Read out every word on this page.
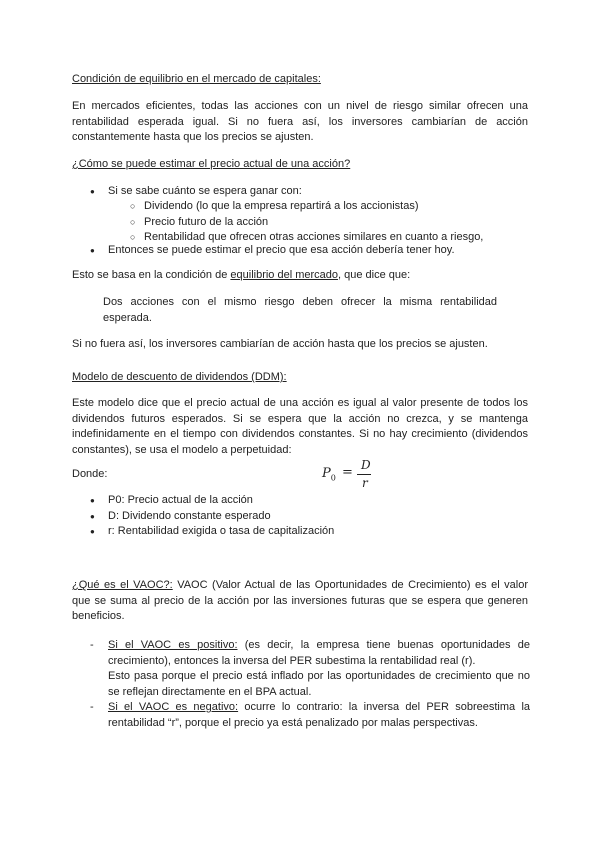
Condición de equilibrio en el mercado de capitales:

En mercados eficientes, todas las acciones con un nivel de riesgo similar ofrecen una rentabilidad esperada igual. Si no fuera así, los inversores cambiarían de acción constantemente hasta que los precios se ajusten.

¿Cómo se puede estimar el precio actual de una acción?

● Si se sabe cuánto se espera ganar con:
○ Dividendo (lo que la empresa repartirá a los accionistas)
○ Precio futuro de la acción
○ Rentabilidad que ofrecen otras acciones similares en cuanto a riesgo,
● Entonces se puede estimar el precio que esa acción debería tener hoy.

Esto se basa en la condición de equilibrio del mercado, que dice que:

Dos acciones con el mismo riesgo deben ofrecer la misma rentabilidad esperada.

Si no fuera así, los inversores cambiarían de acción hasta que los precios se ajusten.

Modelo de descuento de dividendos (DDM):

Este modelo dice que el precio actual de una acción es igual al valor presente de todos los dividendos futuros esperados. Si se espera que la acción no crezca, y se mantenga indefinidamente en el tiempo con dividendos constantes. Si no hay crecimiento (dividendos constantes), se usa el modelo a perpetuidad:

Donde:	$P_0 = D$
r
● P0: Precio actual de la acción
● D: Dividendo constante esperado
● r: Rentabilidad exigida o tasa de capitalización

¿Qué es el VAOC?: VAOC (Valor Actual de las Oportunidades de Crecimiento) es el valor que se suma al precio de la acción por las inversiones futuras que se espera que generen beneficios.

- Si el VAOC es positivo: (es decir, la empresa tiene buenas oportunidades de crecimiento), entonces la inversa del PER subestima la rentabilidad real (r).
Esto pasa porque el precio está inflado por las oportunidades de crecimiento que no se reflejan directamente en el BPA actual.
- Si el VAOC es negativo: ocurre lo contrario: la inversa del PER sobreestima la rentabilidad “r”, porque el precio ya está penalizado por malas perspectivas.
